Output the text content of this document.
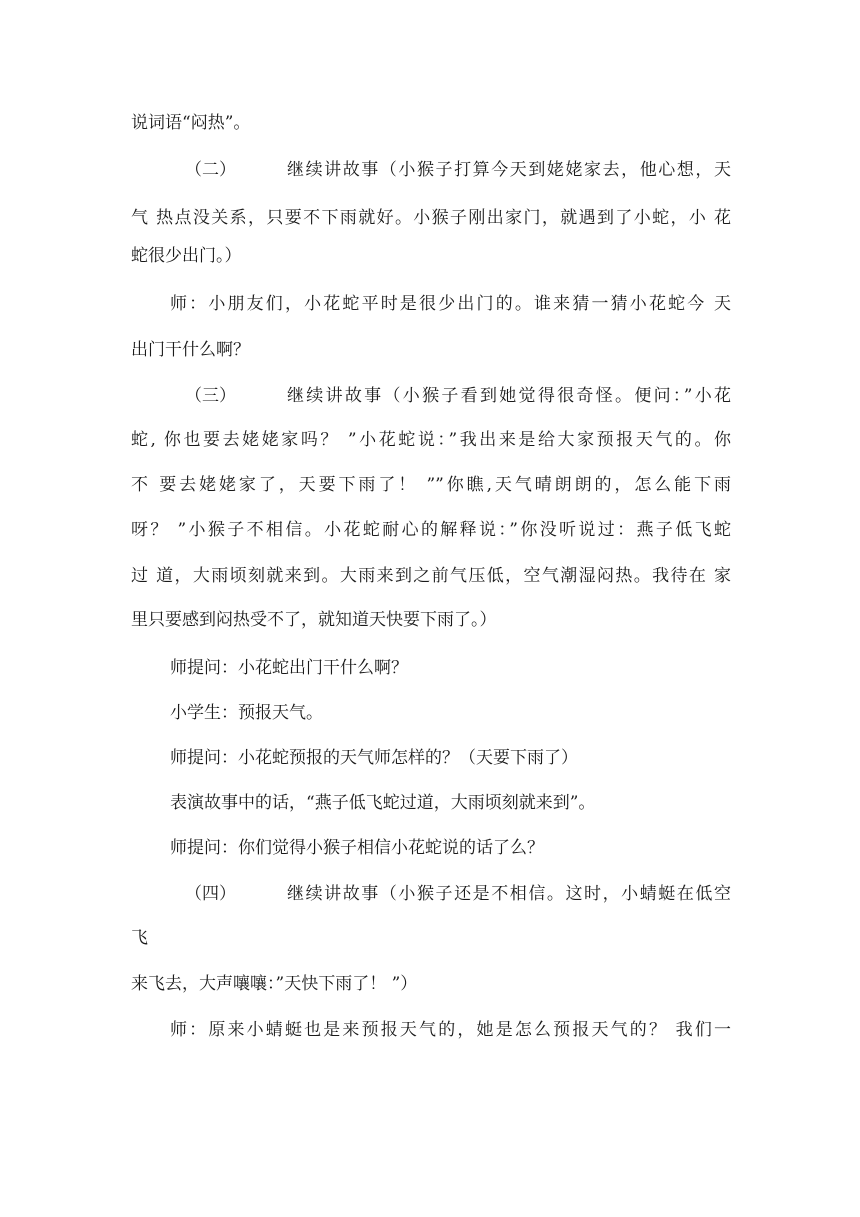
说词语“闷热”。
（二）	继续讲故事（小猴子打算今天到姥姥家去，他心想，天
气 热点没关系，只要不下雨就好。小猴子刚出家门，就遇到了小蛇，小 花
蛇很少出门。）
师：小朋友们，小花蛇平时是很少出门的。谁来猜一猜小花蛇今 天
出门干什么啊？
（三）	继续讲故事（小猴子看到她觉得很奇怪。便问：”小花
蛇, 你也要去姥姥家吗？ ”小花蛇说：”我出来是给大家预报天气的。你
不 要去姥姥家了，天要下雨了！ ””你瞧,天气晴朗朗的，怎么能下雨
呀？ ”小猴子不相信。小花蛇耐心的解释说：”你没听说过：燕子低飞蛇
过 道，大雨顷刻就来到。大雨来到之前气压低，空气潮湿闷热。我待在 家
里只要感到闷热受不了，就知道天快要下雨了。）
师提问：小花蛇出门干什么啊？
小学生：预报天气。
师提问：小花蛇预报的天气师怎样的？（天要下雨了）
表演故事中的话，“燕子低飞蛇过道，大雨顷刻就来到”。
师提问：你们觉得小猴子相信小花蛇说的话了么？
（四）	继续讲故事（小猴子还是不相信。这时，小蜻蜓在低空
飞
来飞去，大声嚷嚷：”天快下雨了！ ”）
师：原来小蜻蜓也是来预报天气的，她是怎么预报天气的？ 我们一
